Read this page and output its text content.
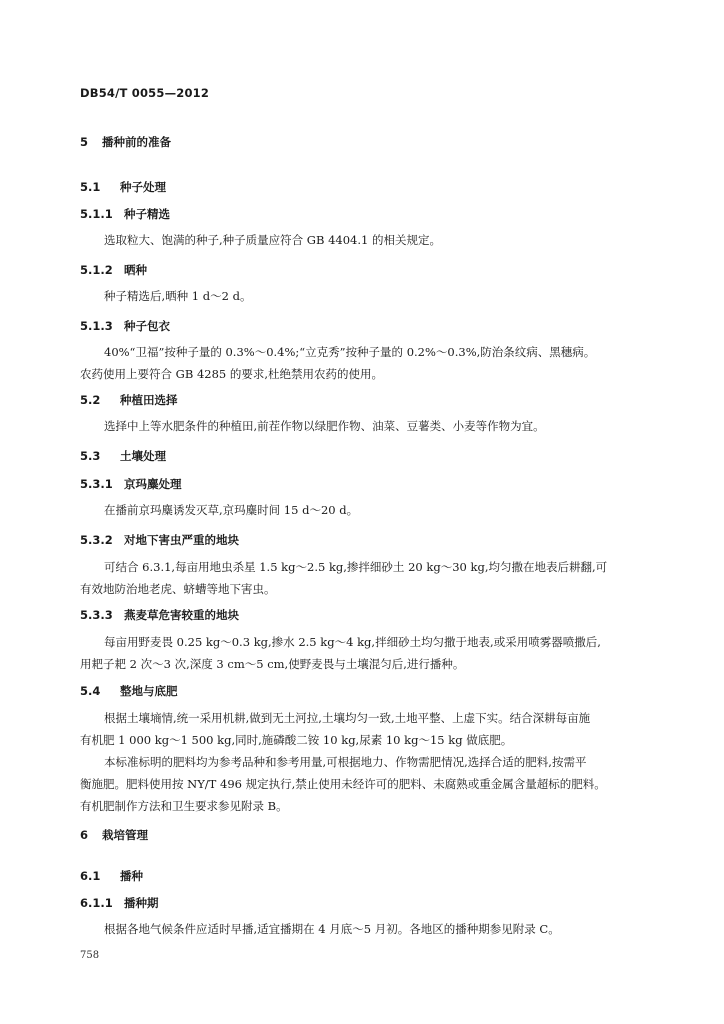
DB54/T 0055—2012
5 播种前的准备
5.1 种子处理
5.1.1 种子精选
选取粒大、饱满的种子,种子质量应符合 GB 4404.1 的相关规定。
5.1.2 晒种
种子精选后,晒种 1 d～2 d。
5.1.3 种子包衣
40%“卫福”按种子量的 0.3%～0.4%;“立克秀”按种子量的 0.2%～0.3%,防治条纹病、黑穗病。
农药使用上要符合 GB 4285 的要求,杜绝禁用农药的使用。
5.2 种植田选择
选择中上等水肥条件的种植田,前茬作物以绿肥作物、油菜、豆薯类、小麦等作物为宜。
5.3 土壤处理
5.3.1 京玛麋处理
在播前京玛麋诱发灭草,京玛麋时间 15 d～20 d。
5.3.2 对地下害虫严重的地块
可结合 6.3.1,每亩用地虫杀星 1.5 kg～2.5 kg,掺拌细砂土 20 kg～30 kg,均匀撒在地表后耕翻,可
有效地防治地老虎、蛴螬等地下害虫。
5.3.3 燕麦草危害较重的地块
每亩用野麦畏 0.25 kg～0.3 kg,掺水 2.5 kg～4 kg,拌细砂土均匀撒于地表,或采用喷雾器喷撒后,
用耙子耙 2 次～3 次,深度 3 cm～5 cm,使野麦畏与土壤混匀后,进行播种。
5.4 整地与底肥
根据土壤墒情,统一采用机耕,做到无土河拉,土壤均匀一致,土地平整、上虚下实。结合深耕每亩施
有机肥 1 000 kg～1 500 kg,同时,施磷酸二铵 10 kg,尿素 10 kg～15 kg 做底肥。
本标准标明的肥料均为参考品种和参考用量,可根据地力、作物需肥情况,选择合适的肥料,按需平
衡施肥。肥料使用按 NY/T 496 规定执行,禁止使用未经许可的肥料、未腐熟或重金属含量超标的肥料。
有机肥制作方法和卫生要求参见附录 B。
6 栽培管理
6.1 播种
6.1.1 播种期
根据各地气候条件应适时早播,适宜播期在 4 月底～5 月初。各地区的播种期参见附录 C。
758
